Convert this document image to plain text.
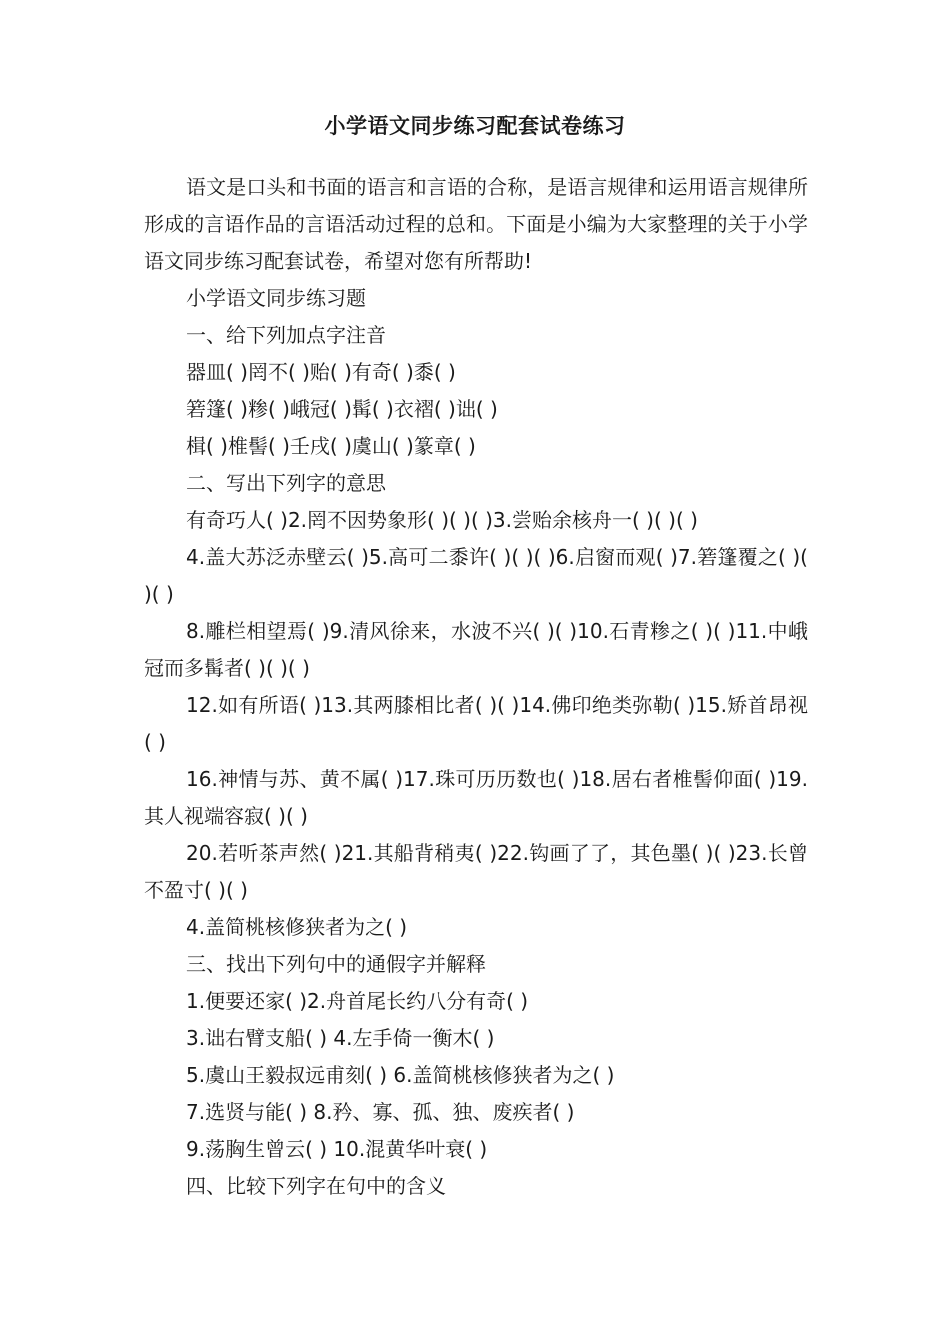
小学语文同步练习配套试卷练习

语文是口头和书面的语言和言语的合称，是语言规律和运用语言规律所形成的言语作品的言语活动过程的总和。下面是小编为大家整理的关于小学语文同步练习配套试卷，希望对您有所帮助!

小学语文同步练习题

一、给下列加点字注音

器皿( )罔不( )贻( )有奇( )黍( )

箬篷( )糁( )峨冠( )髯( )衣褶( )诎( )

楫( )椎髻( )壬戌( )虞山( )篆章( )

二、写出下列字的意思

有奇巧人( )2.罔不因势象形( )( )( )3.尝贻余核舟一( )( )( )

4.盖大苏泛赤壁云( )5.高可二黍许( )( )( )6.启窗而观( )7.箬篷覆之( )( )( )

8.雕栏相望焉( )9.清风徐来，水波不兴( )( )10.石青糁之( )( )11.中峨冠而多髯者( )( )( )

12.如有所语( )13.其两膝相比者( )( )14.佛印绝类弥勒( )15.矫首昂视( )

16.神情与苏、黄不属( )17.珠可历历数也( )18.居右者椎髻仰面( )19.其人视端容寂( )( )

20.若听茶声然( )21.其船背稍夷( )22.钩画了了，其色墨( )( )23.长曾不盈寸( )( )

4.盖简桃核修狭者为之( )

三、找出下列句中的通假字并解释

1.便要还家( )2.舟首尾长约八分有奇( )

3.诎右臂支船( ) 4.左手倚一衡木( )

5.虞山王毅叔远甫刻( ) 6.盖简桃核修狭者为之( )

7.选贤与能( ) 8.矜、寡、孤、独、废疾者( )

9.荡胸生曾云( ) 10.混黄华叶衰( )

四、比较下列字在句中的含义
